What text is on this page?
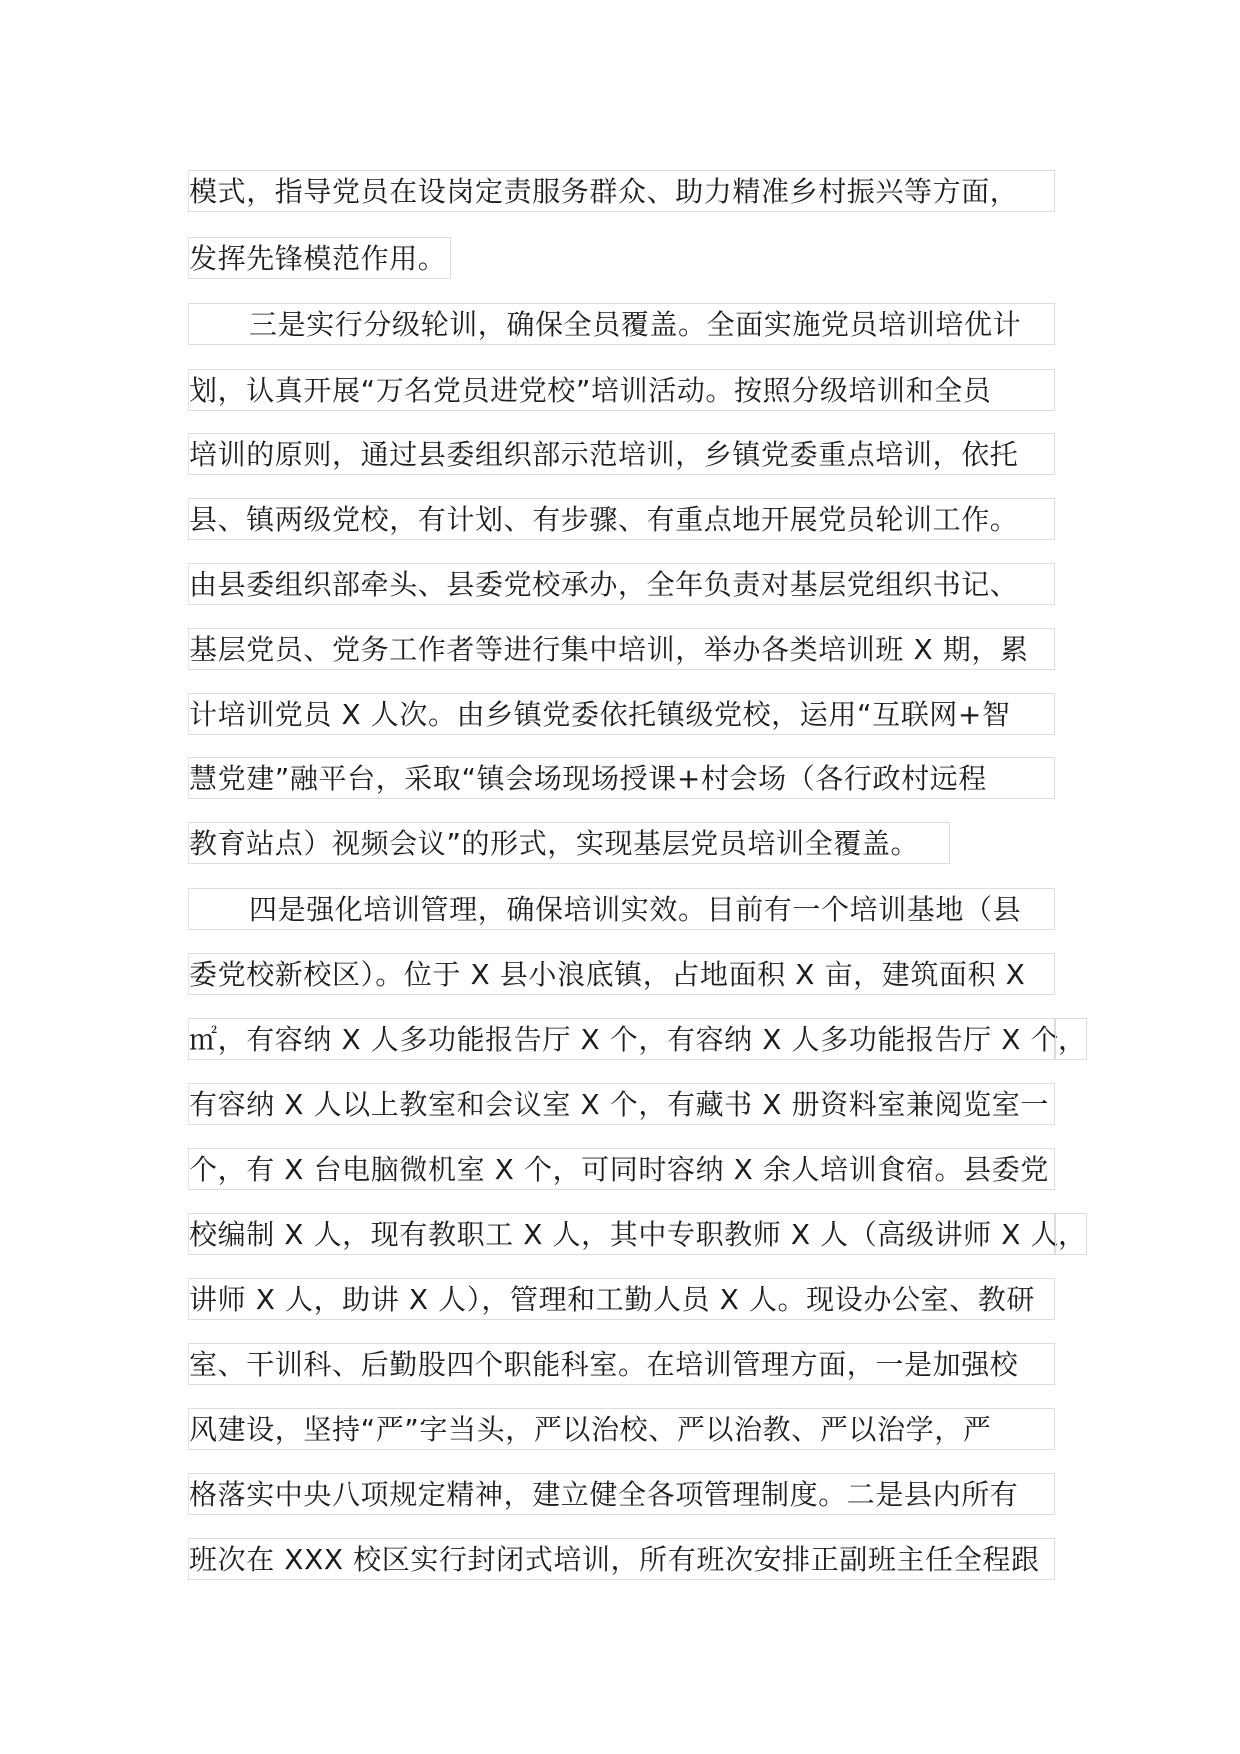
模式，指导党员在设岗定责服务群众、助力精准乡村振兴等方面，
发挥先锋模范作用。
三是实行分级轮训，确保全员覆盖。全面实施党员培训培优计
划，认真开展“万名党员进党校”培训活动。按照分级培训和全员
培训的原则，通过县委组织部示范培训，乡镇党委重点培训，依托
县、镇两级党校，有计划、有步骤、有重点地开展党员轮训工作。
由县委组织部牵头、县委党校承办，全年负责对基层党组织书记、
基层党员、党务工作者等进行集中培训，举办各类培训班 X 期，累
计培训党员 X 人次。由乡镇党委依托镇级党校，运用“互联网+智
慧党建”融平台，采取“镇会场现场授课+村会场（各行政村远程
教育站点）视频会议”的形式，实现基层党员培训全覆盖。
四是强化培训管理，确保培训实效。目前有一个培训基地（县
委党校新校区）。位于 X 县小浪底镇，占地面积 X 亩，建筑面积 X
㎡，有容纳 X 人多功能报告厅 X 个，有容纳 X 人多功能报告厅 X 个
，
有容纳 X 人以上教室和会议室 X 个，有藏书 X 册资料室兼阅览室一
个，有 X 台电脑微机室 X 个，可同时容纳 X 余人培训食宿。县委党
校编制 X 人，现有教职工 X 人，其中专职教师 X 人（高级讲师 X 人
，
讲师 X 人，助讲 X 人），管理和工勤人员 X 人。现设办公室、教研
室、干训科、后勤股四个职能科室。在培训管理方面，一是加强校
风建设，坚持“严”字当头，严以治校、严以治教、严以治学，严
格落实中央八项规定精神，建立健全各项管理制度。二是县内所有
班次在 XXX 校区实行封闭式培训，所有班次安排正副班主任全程跟
